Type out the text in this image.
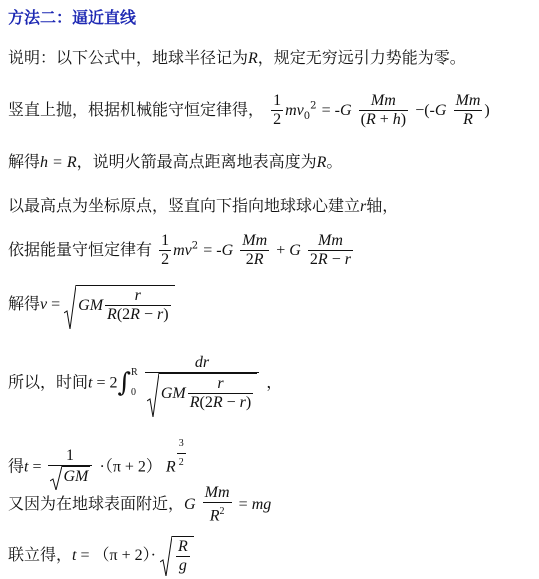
方法二：逼近直线
说明：以下公式中，地球半径记为R，规定无穷远引力势能为零。
竖直上抛，根据机械能守恒定律得， $\frac{1}{2} mv_0^2 = -G \frac{Mm}{(R + h)} -(-G \frac{Mm}{R}$ )
解得h = R，说明火箭最高点距离地表高度为R。
以最高点为坐标原点，竖直向下指向地球球心建立r轴，
依据能量守恒定律有 $\frac{1}{2} mv^2 = -G \frac{Mm}{2R} + G \frac{Mm}{2R - r}$
解得v =
GM $\frac{r}{R(2R - r)}$
所以，时间t = 2∫ R
0
$\frac{dr}{GM \frac{r}{R(2R - r)}}$ ，
得$t = \frac{1}{GM} \cdot(\pi + 2)$ R $\frac{3}{2}$
又因为在地球表面附近，G $\frac{Mm}{R^2}$ = mg
联立得，$t = (\pi + 2)\cdot \frac{R}{g}$
